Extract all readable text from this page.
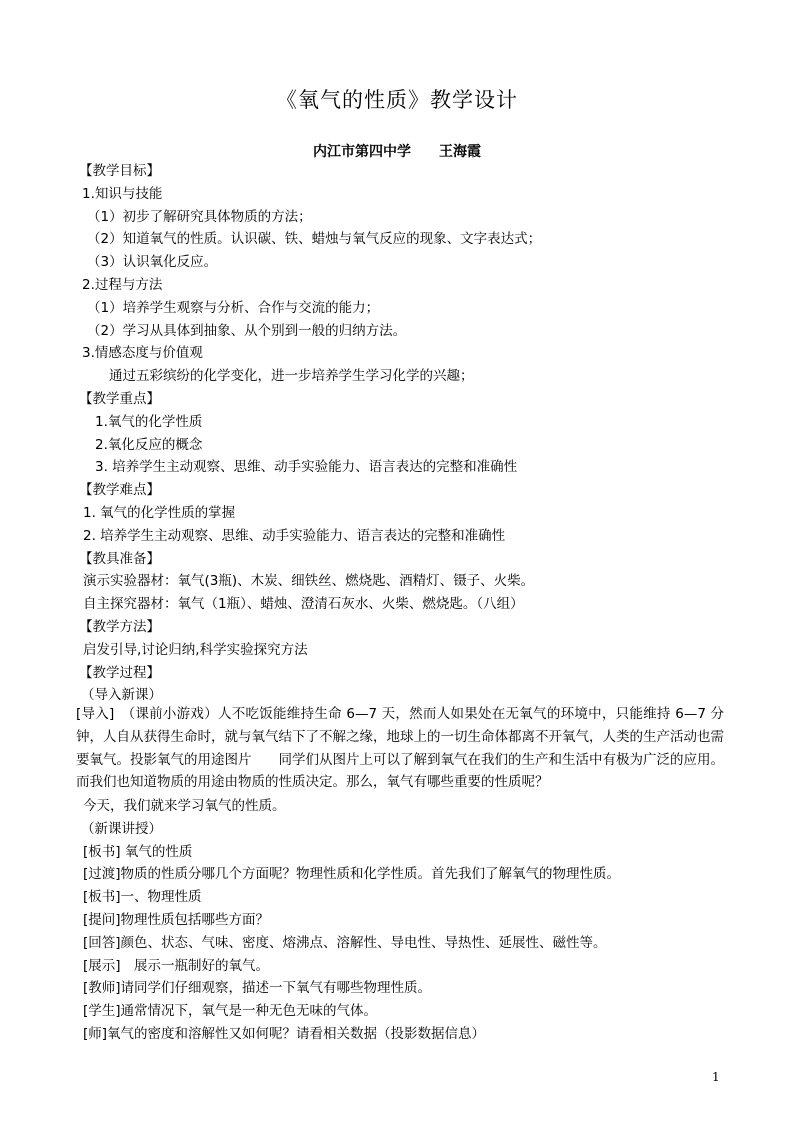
《氧气的性质》教学设计
内江市第四中学 王海霞
【教学目标】
1.知识与技能
（1）初步了解研究具体物质的方法；
（2）知道氧气的性质。认识碳、铁、蜡烛与氧气反应的现象、文字表达式；
（3）认识氧化反应。
2.过程与方法
（1）培养学生观察与分析、合作与交流的能力；
（2）学习从具体到抽象、从个别到一般的归纳方法。
3.情感态度与价值观
通过五彩缤纷的化学变化，进一步培养学生学习化学的兴趣；
【教学重点】
1.氧气的化学性质
2.氧化反应的概念
3. 培养学生主动观察、思维、动手实验能力、语言表达的完整和准确性
【教学难点】
1. 氧气的化学性质的掌握
2. 培养学生主动观察、思维、动手实验能力、语言表达的完整和准确性
【教具准备】
演示实验器材：氧气(3瓶)、木炭、细铁丝、燃烧匙、酒精灯、镊子、火柴。
自主探究器材：氧气（1瓶）、蜡烛、澄清石灰水、火柴、燃烧匙。（八组）
【教学方法】
启发引导,讨论归纳,科学实验探究方法
【教学过程】
（导入新课）
[导入]　（课前小游戏）人不吃饭能维持生命 6—7 天，然而人如果处在无氧气的环境中，只能维持 6—7 分钟，人自从获得生命时，就与氧气结下了不解之缘，地球上的一切生命体都离不开氧气，人类的生产活动也需要氧气。投影氧气的用途图片　　同学们从图片上可以了解到氧气在我们的生产和生活中有极为广泛的应用。而我们也知道物质的用途由物质的性质决定。那么，氧气有哪些重要的性质呢？
今天，我们就来学习氧气的性质。
（新课讲授）
[板书] 氧气的性质
[过渡]物质的性质分哪几个方面呢？物理性质和化学性质。首先我们了解氧气的物理性质。
[板书]一、物理性质
[提问]物理性质包括哪些方面？
[回答]颜色、状态、气味、密度、熔沸点、溶解性、导电性、导热性、延展性、磁性等。
[展示]　展示一瓶制好的氧气。
[教师]请同学们仔细观察，描述一下氧气有哪些物理性质。
[学生]通常情况下，氧气是一种无色无味的气体。
[师]氧气的密度和溶解性又如何呢？请看相关数据（投影数据信息）
1
